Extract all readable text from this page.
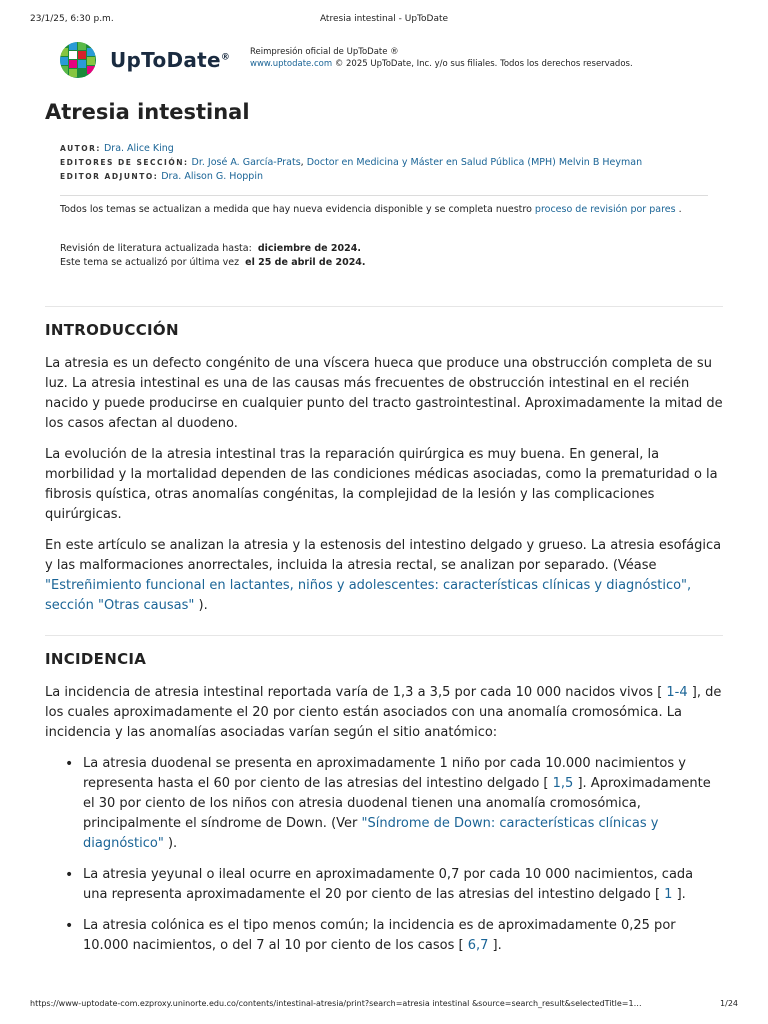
23/1/25, 6:30 p.m.	Atresia intestinal - UpToDate
UpToDate®
Reimpresión oficial de UpToDate ®
www.uptodate.com © 2025 UpToDate, Inc. y/o sus filiales. Todos los derechos reservados.
Atresia intestinal
AUTOR: Dra. Alice King
EDITORES DE SECCIÓN: Dr. José A. García-Prats, Doctor en Medicina y Máster en Salud Pública (MPH) Melvin B Heyman
EDITOR ADJUNTO: Dra. Alison G. Hoppin
Todos los temas se actualizan a medida que hay nueva evidencia disponible y se completa nuestro proceso de revisión por pares .
Revisión de literatura actualizada hasta: diciembre de 2024.
Este tema se actualizó por última vez el 25 de abril de 2024.
INTRODUCCIÓN

La atresia es un defecto congénito de una víscera hueca que produce una obstrucción completa de su luz. La atresia intestinal es una de las causas más frecuentes de obstrucción intestinal en el recién nacido y puede producirse en cualquier punto del tracto gastrointestinal. Aproximadamente la mitad de los casos afectan al duodeno.

La evolución de la atresia intestinal tras la reparación quirúrgica es muy buena. En general, la morbilidad y la mortalidad dependen de las condiciones médicas asociadas, como la prematuridad o la fibrosis quística, otras anomalías congénitas, la complejidad de la lesión y las complicaciones quirúrgicas.

En este artículo se analizan la atresia y la estenosis del intestino delgado y grueso. La atresia esofágica y las malformaciones anorrectales, incluida la atresia rectal, se analizan por separado. (Véase "Estreñimiento funcional en lactantes, niños y adolescentes: características clínicas y diagnóstico", sección "Otras causas" ).

INCIDENCIA

La incidencia de atresia intestinal reportada varía de 1,3 a 3,5 por cada 10 000 nacidos vivos [ 1-4 ], de los cuales aproximadamente el 20 por ciento están asociados con una anomalía cromosómica. La incidencia y las anomalías asociadas varían según el sitio anatómico:

• La atresia duodenal se presenta en aproximadamente 1 niño por cada 10.000 nacimientos y representa hasta el 60 por ciento de las atresias del intestino delgado [ 1,5 ]. Aproximadamente el 30 por ciento de los niños con atresia duodenal tienen una anomalía cromosómica, principalmente el síndrome de Down. (Ver "Síndrome de Down: características clínicas y diagnóstico" ).
• La atresia yeyunal o ileal ocurre en aproximadamente 0,7 por cada 10 000 nacimientos, cada una representa aproximadamente el 20 por ciento de las atresias del intestino delgado [ 1 ].
• La atresia colónica es el tipo menos común; la incidencia es de aproximadamente 0,25 por 10.000 nacimientos, o del 7 al 10 por ciento de los casos [ 6,7 ].
https://www-uptodate-com.ezproxy.uninorte.edu.co/contents/intestinal-atresia/print?search=atresia intestinal &source=search_result&selectedTitle=1…	1/24
